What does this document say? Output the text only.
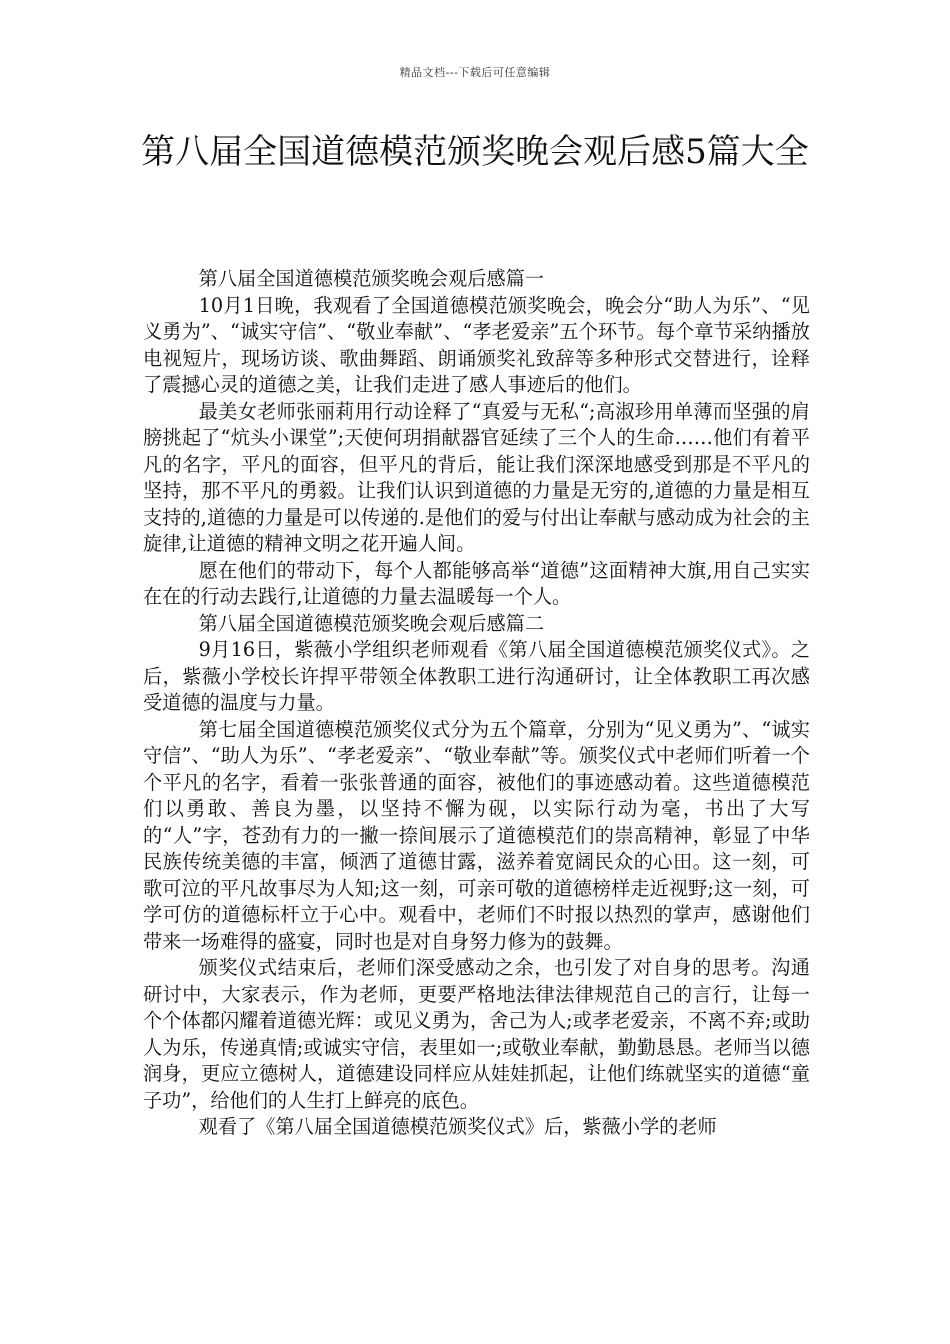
精品文档---下载后可任意编辑
第八届全国道德模范颁奖晚会观后感5篇大全

第八届全国道德模范颁奖晚会观后感篇一

10月1日晚，我观看了全国道德模范颁奖晚会，晚会分“助人为乐”、“见义勇为”、“诚实守信”、“敬业奉献”、“孝老爱亲”五个环节。每个章节采纳播放电视短片，现场访谈、歌曲舞蹈、朗诵颁奖礼致辞等多种形式交替进行，诠释了震撼心灵的道德之美，让我们走进了感人事迹后的他们。

最美女老师张丽莉用行动诠释了“真爱与无私“;高淑珍用单薄而坚强的肩膀挑起了“炕头小课堂”;天使何玥捐献器官延续了三个人的生命……他们有着平凡的名字，平凡的面容，但平凡的背后，能让我们深深地感受到那是不平凡的坚持，那不平凡的勇毅。让我们认识到道德的力量是无穷的,道德的力量是相互支持的,道德的力量是可以传递的.是他们的爱与付出让奉献与感动成为社会的主旋律,让道德的精神文明之花开遍人间。

愿在他们的带动下，每个人都能够高举“道德”这面精神大旗,用自己实实在在的行动去践行,让道德的力量去温暖每一个人。

第八届全国道德模范颁奖晚会观后感篇二

9月16日，紫薇小学组织老师观看《第八届全国道德模范颁奖仪式》。之后，紫薇小学校长许捍平带领全体教职工进行沟通研讨，让全体教职工再次感受道德的温度与力量。

第七届全国道德模范颁奖仪式分为五个篇章，分别为“见义勇为”、“诚实守信”、“助人为乐”、“孝老爱亲”、“敬业奉献”等。颁奖仪式中老师们听着一个个平凡的名字，看着一张张普通的面容，被他们的事迹感动着。这些道德模范们以勇敢、善良为墨，以坚持不懈为砚，以实际行动为毫，书出了大写的“人”字，苍劲有力的一撇一捺间展示了道德模范们的崇高精神，彰显了中华民族传统美德的丰富，倾洒了道德甘露，滋养着宽阔民众的心田。这一刻，可歌可泣的平凡故事尽为人知;这一刻，可亲可敬的道德榜样走近视野;这一刻，可学可仿的道德标杆立于心中。观看中，老师们不时报以热烈的掌声，感谢他们带来一场难得的盛宴，同时也是对自身努力修为的鼓舞。

颁奖仪式结束后，老师们深受感动之余，也引发了对自身的思考。沟通研讨中，大家表示，作为老师，更要严格地法律法律规范自己的言行，让每一个个体都闪耀着道德光辉：或见义勇为，舍己为人;或孝老爱亲，不离不弃;或助人为乐，传递真情;或诚实守信，表里如一;或敬业奉献，勤勤恳恳。老师当以德润身，更应立德树人，道德建设同样应从娃娃抓起，让他们练就坚实的道德“童子功”，给他们的人生打上鲜亮的底色。

观看了《第八届全国道德模范颁奖仪式》后，紫薇小学的老师
